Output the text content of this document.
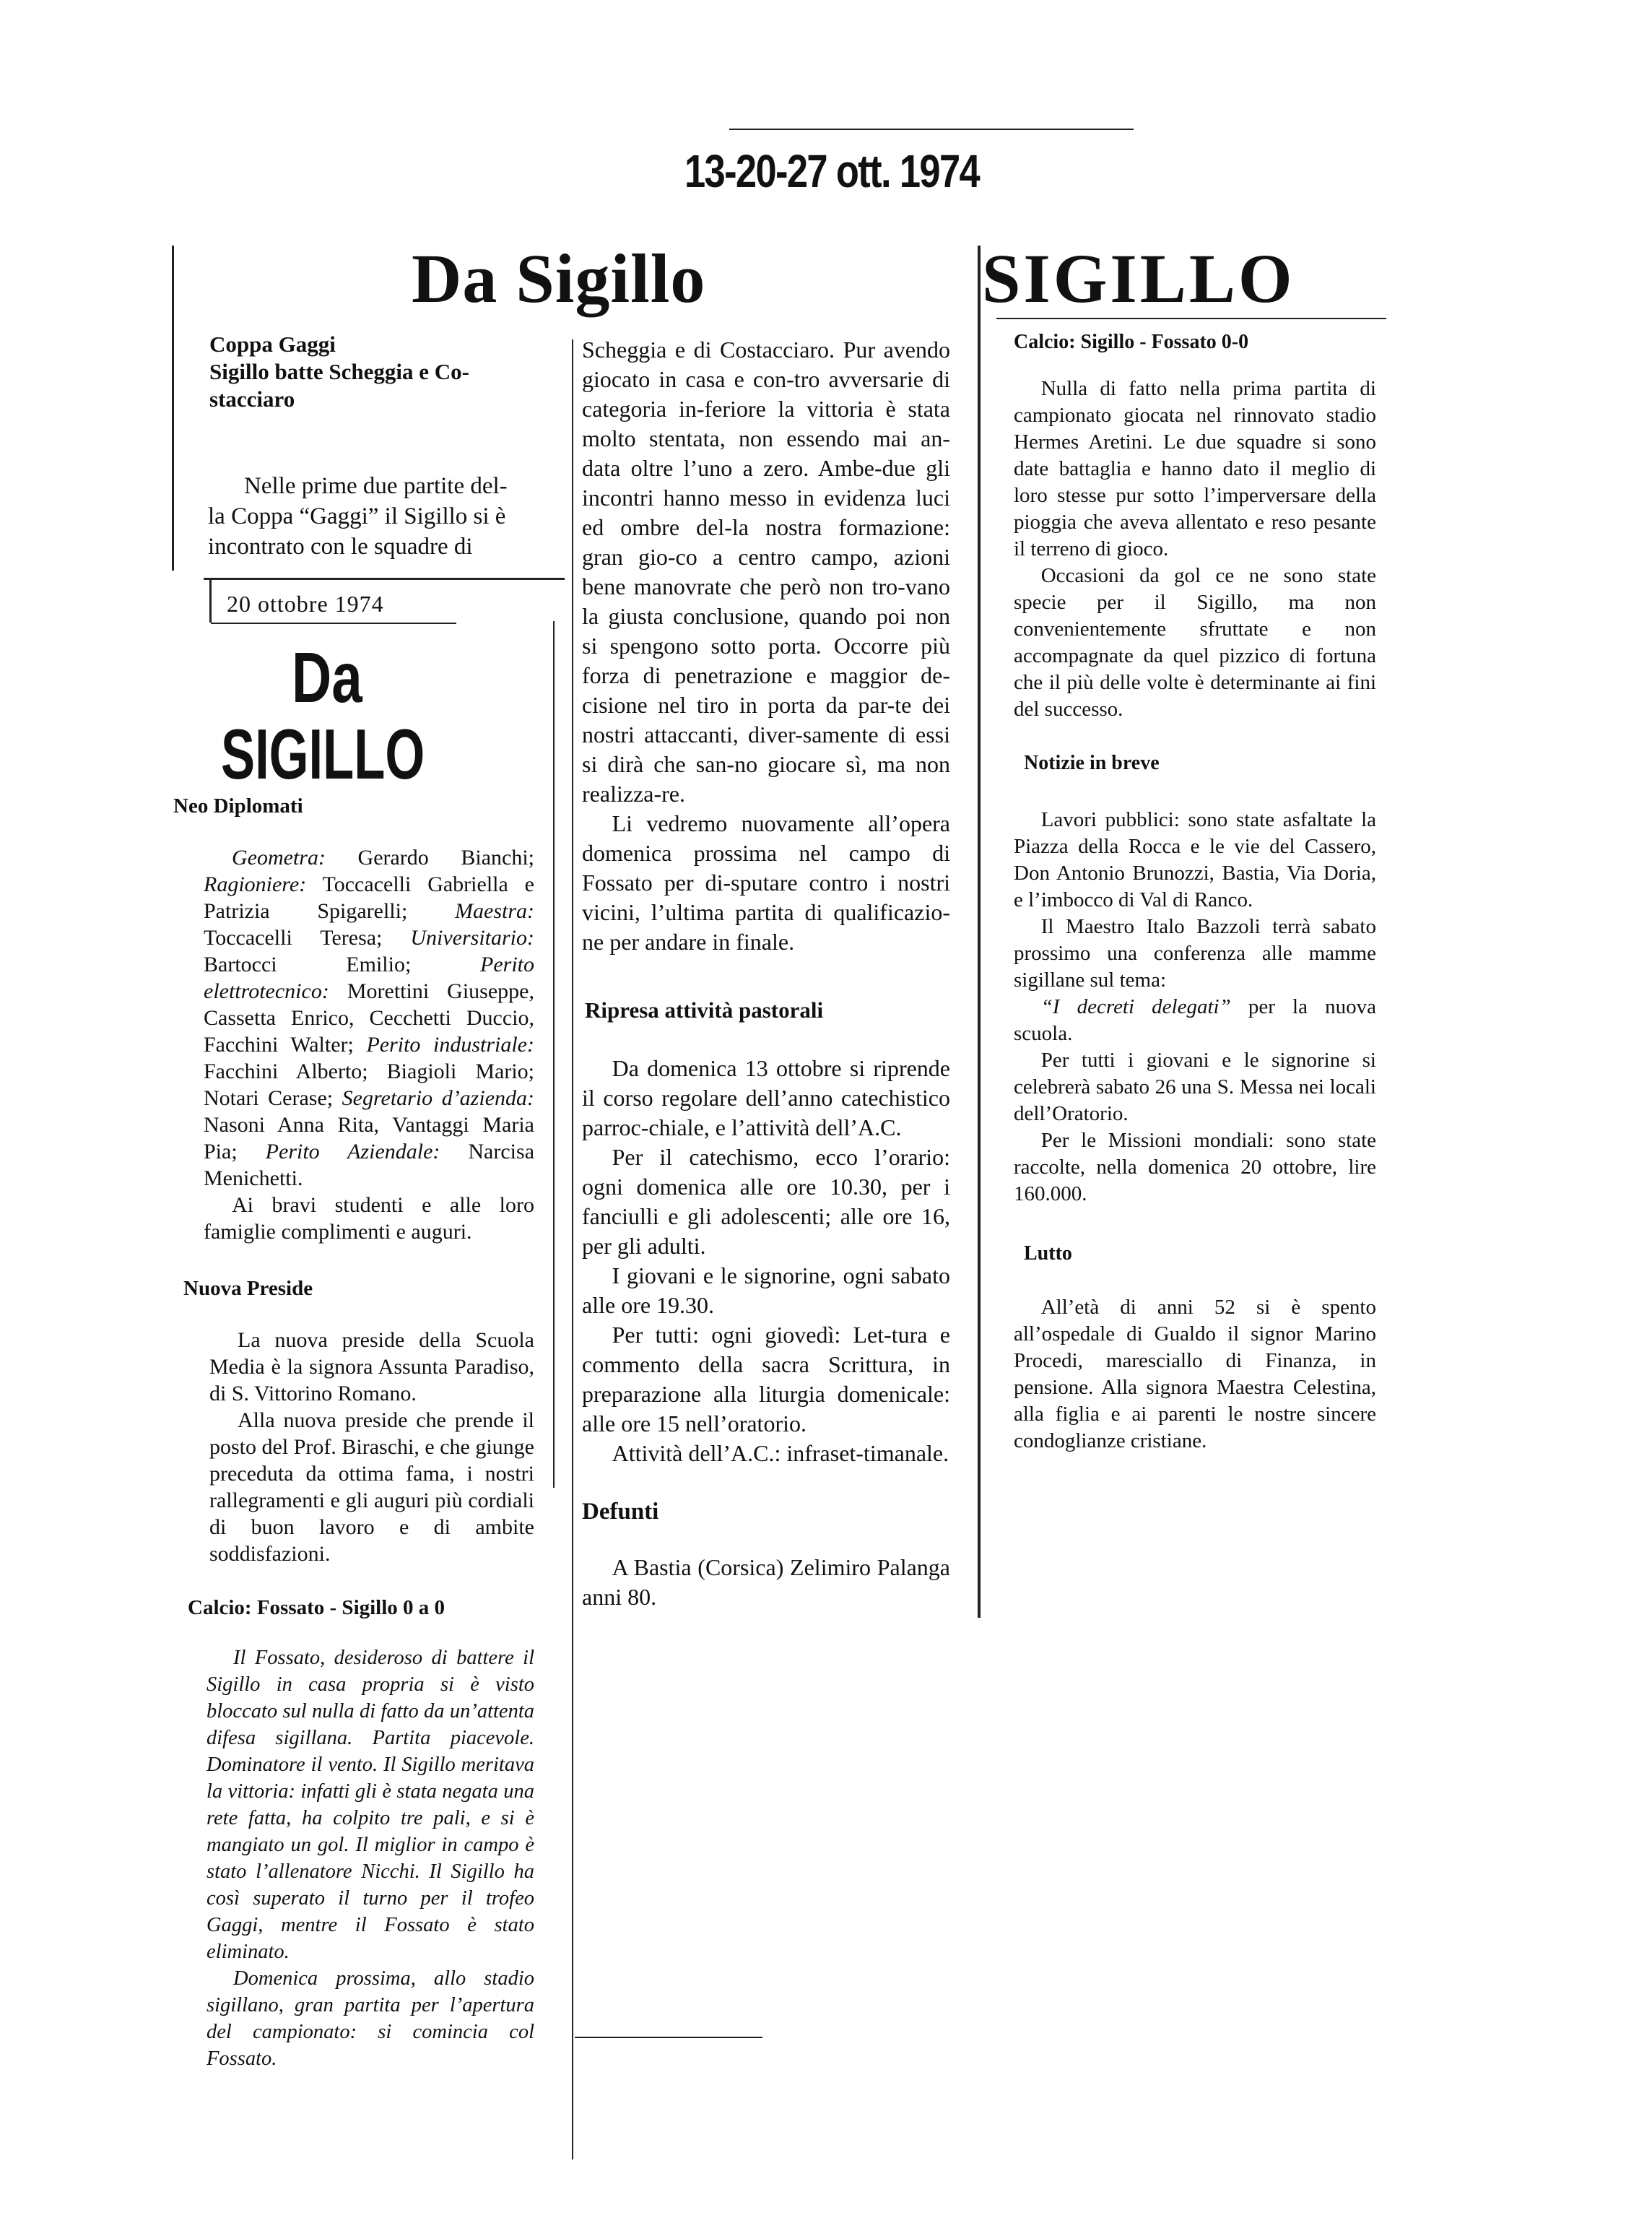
13-20-27 ott. 1974
Da Sigillo
Coppa Gaggi
Sigillo batte Scheggia e Co-
stacciaro
Nelle prime due partite del-
la Coppa “Gaggi” il Sigillo si è
incontrato con le squadre di
20 ottobre 1974
Da
SIGILLO
Neo Diplomati

Geometra: Gerardo Bianchi; Ragioniere: Toccacelli Gabriella e Patrizia Spigarelli; Maestra: Toccacelli Teresa; Universitario: Bartocci Emilio; Perito elettrotecnico: Morettini Giuseppe, Cassetta Enrico, Cecchetti Duccio, Facchini Walter; Perito industriale: Facchini Alberto; Biagioli Mario; Notari Cerase; Segretario d’azienda: Nasoni Anna Rita, Vantaggi Maria Pia; Perito Aziendale: Narcisa Menichetti.

Ai bravi studenti e alle loro famiglie complimenti e auguri.

Nuova Preside

La nuova preside della Scuola Media è la signora Assunta Paradiso, di S. Vittorino Romano.

Alla nuova preside che prende il posto del Prof. Biraschi, e che giunge preceduta da ottima fama, i nostri rallegramenti e gli auguri più cordiali di buon lavoro e di ambite soddisfazioni.

Calcio: Fossato - Sigillo 0 a 0

Il Fossato, desideroso di battere il Sigillo in casa propria si è visto bloccato sul nulla di fatto da un’attenta difesa sigillana. Partita piacevole. Dominatore il vento. Il Sigillo meritava la vittoria: infatti gli è stata negata una rete fatta, ha colpito tre pali, e si è mangiato un gol. Il miglior in campo è stato l’allenatore Nicchi. Il Sigillo ha così superato il turno per il trofeo Gaggi, mentre il Fossato è stato eliminato.

Domenica prossima, allo stadio sigillano, gran partita per l’apertura del campionato: si comincia col Fossato.

Scheggia e di Costacciaro. Pur avendo giocato in casa e con-tro avversarie di categoria in-feriore la vittoria è stata molto stentata, non essendo mai an-data oltre l’uno a zero. Ambe-due gli incontri hanno messo in evidenza luci ed ombre del-la nostra formazione: gran gio-co a centro campo, azioni bene manovrate che però non tro-vano la giusta conclusione, quando poi non si spengono sotto porta. Occorre più forza di penetrazione e maggior de-cisione nel tiro in porta da par-te dei nostri attaccanti, diver-samente di essi si dirà che san-no giocare sì, ma non realizza-re.

Li vedremo nuovamente all’opera domenica prossima nel campo di Fossato per di-sputare contro i nostri vicini, l’ultima partita di qualificazio-ne per andare in finale.

Ripresa attività pastorali

Da domenica 13 ottobre si riprende il corso regolare dell’anno catechistico parroc-chiale, e l’attività dell’A.C.

Per il catechismo, ecco l’orario: ogni domenica alle ore 10.30, per i fanciulli e gli adolescenti; alle ore 16, per gli adulti.

I giovani e le signorine, ogni sabato alle ore 19.30.

Per tutti: ogni giovedì: Let-tura e commento della sacra Scrittura, in preparazione alla liturgia domenicale: alle ore 15 nell’oratorio.

Attività dell’A.C.: infraset-timanale.

Defunti

A Bastia (Corsica) Zelimiro Palanga anni 80.

SIGILLO
Calcio: Sigillo - Fossato 0-0

Nulla di fatto nella prima partita di campionato giocata nel rinnovato stadio Hermes Aretini. Le due squadre si sono date battaglia e hanno dato il meglio di loro stesse pur sotto l’imperversare della pioggia che aveva allentato e reso pesante il terreno di gioco.

Occasioni da gol ce ne sono state specie per il Sigillo, ma non convenientemente sfruttate e non accompagnate da quel pizzico di fortuna che il più delle volte è determinante ai fini del successo.

Notizie in breve

Lavori pubblici: sono state asfaltate la Piazza della Rocca e le vie del Cassero, Don Antonio Brunozzi, Bastia, Via Doria, e l’imbocco di Val di Ranco.

Il Maestro Italo Bazzoli terrà sabato prossimo una conferenza alle mamme sigillane sul tema:

“I decreti delegati” per la nuova scuola.

Per tutti i giovani e le signorine si celebrerà sabato 26 una S. Messa nei locali dell’Oratorio.

Per le Missioni mondiali: sono state raccolte, nella domenica 20 ottobre, lire 160.000.

Lutto

All’età di anni 52 si è spento all’ospedale di Gualdo il signor Marino Procedi, maresciallo di Finanza, in pensione. Alla signora Maestra Celestina, alla figlia e ai parenti le nostre sincere condoglianze cristiane.
